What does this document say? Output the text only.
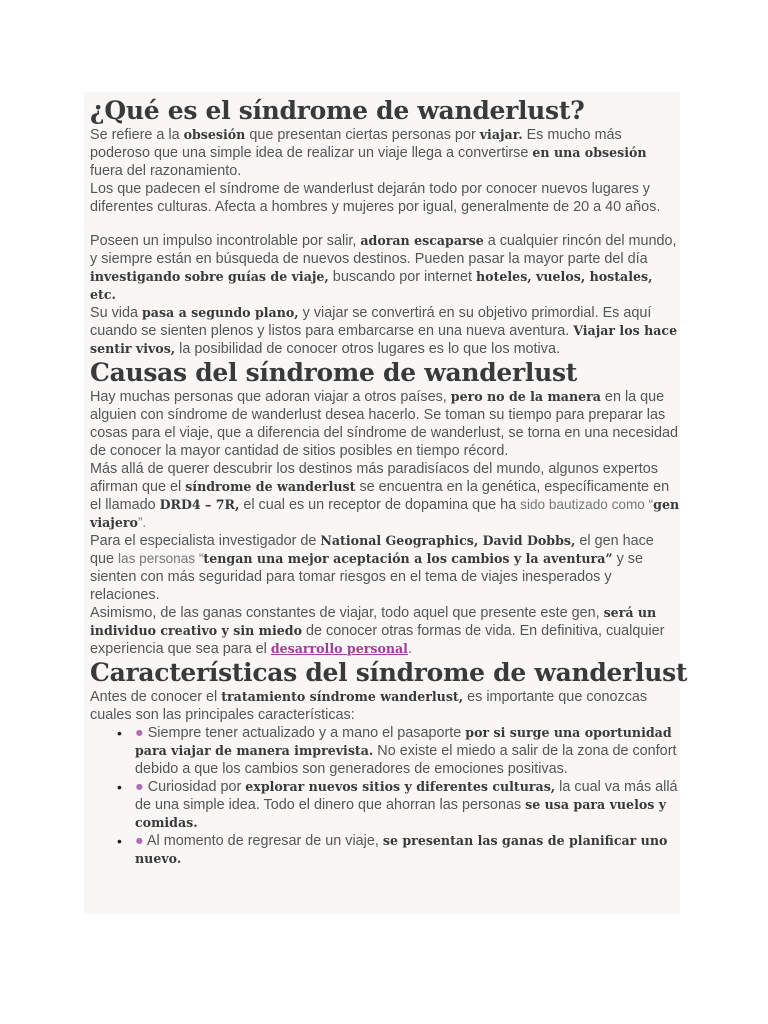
¿Qué es el síndrome de wanderlust?

Se refiere a la obsesión que presentan ciertas personas por viajar. Es mucho más poderoso que una simple idea de realizar un viaje llega a convertirse en una obsesión fuera del razonamiento.

Los que padecen el síndrome de wanderlust dejarán todo por conocer nuevos lugares y diferentes culturas. Afecta a hombres y mujeres por igual, generalmente de 20 a 40 años.

Poseen un impulso incontrolable por salir, adoran escaparse a cualquier rincón del mundo, y siempre están en búsqueda de nuevos destinos. Pueden pasar la mayor parte del día investigando sobre guías de viaje, buscando por internet hoteles, vuelos, hostales, etc.

Su vida pasa a segundo plano, y viajar se convertirá en su objetivo primordial. Es aquí cuando se sienten plenos y listos para embarcarse en una nueva aventura. Viajar los hace sentir vivos, la posibilidad de conocer otros lugares es lo que los motiva.

Causas del síndrome de wanderlust

Hay muchas personas que adoran viajar a otros países, pero no de la manera en la que alguien con síndrome de wanderlust desea hacerlo. Se toman su tiempo para preparar las cosas para el viaje, que a diferencia del síndrome de wanderlust, se torna en una necesidad de conocer la mayor cantidad de sitios posibles en tiempo récord.

Más allá de querer descubrir los destinos más paradisíacos del mundo, algunos expertos afirman que el síndrome de wanderlust se encuentra en la genética, específicamente en el llamado DRD4 – 7R, el cual es un receptor de dopamina que ha sido bautizado como “gen viajero”.

Para el especialista investigador de National Geographics, David Dobbs, el gen hace que las personas “tengan una mejor aceptación a los cambios y la aventura” y se sienten con más seguridad para tomar riesgos en el tema de viajes inesperados y relaciones.

Asimismo, de las ganas constantes de viajar, todo aquel que presente este gen, será un individuo creativo y sin miedo de conocer otras formas de vida. En definitiva, cualquier experiencia que sea para el desarrollo personal.

Características del síndrome de wanderlust

Antes de conocer el tratamiento síndrome wanderlust, es importante que conozcas cuales son las principales características:

• ● Siempre tener actualizado y a mano el pasaporte por si surge una oportunidad para viajar de manera imprevista. No existe el miedo a salir de la zona de confort debido a que los cambios son generadores de emociones positivas.
• ● Curiosidad por explorar nuevos sitios y diferentes culturas, la cual va más allá de una simple idea. Todo el dinero que ahorran las personas se usa para vuelos y comidas.
• ● Al momento de regresar de un viaje, se presentan las ganas de planificar uno nuevo.
